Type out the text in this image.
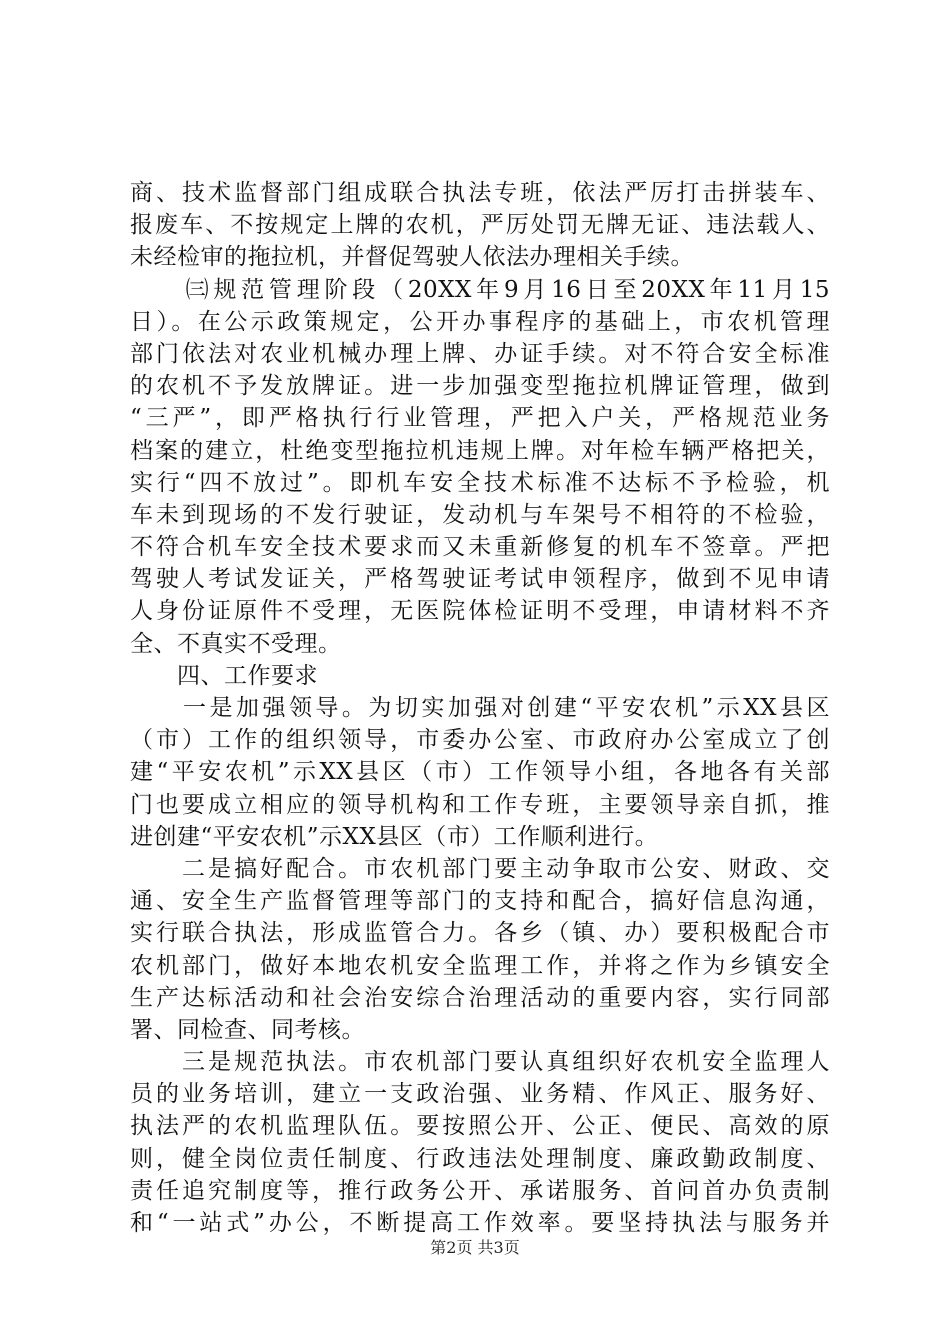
商、技术监督部门组成联合执法专班，依法严厉打击拼装车、
报废车、不按规定上牌的农机，严厉处罚无牌无证、违法载人、
未经检审的拖拉机，并督促驾驶人依法办理相关手续。
　　㈢规范管理阶段（20XX年9月16日至20XX年11月15
日）。在公示政策规定，公开办事程序的基础上，市农机管理
部门依法对农业机械办理上牌、办证手续。对不符合安全标准
的农机不予发放牌证。进一步加强变型拖拉机牌证管理，做到
“三严”，即严格执行行业管理，严把入户关，严格规范业务
档案的建立，杜绝变型拖拉机违规上牌。对年检车辆严格把关，
实行“四不放过”。即机车安全技术标准不达标不予检验，机
车未到现场的不发行驶证，发动机与车架号不相符的不检验，
不符合机车安全技术要求而又未重新修复的机车不签章。严把
驾驶人考试发证关，严格驾驶证考试申领程序，做到不见申请
人身份证原件不受理，无医院体检证明不受理，申请材料不齐
全、不真实不受理。
　　四、工作要求
　　一是加强领导。为切实加强对创建“平安农机”示XX县区
（市）工作的组织领导，市委办公室、市政府办公室成立了创
建“平安农机”示XX县区（市）工作领导小组，各地各有关部
门也要成立相应的领导机构和工作专班，主要领导亲自抓，推
进创建“平安农机”示XX县区（市）工作顺利进行。
　　二是搞好配合。市农机部门要主动争取市公安、财政、交
通、安全生产监督管理等部门的支持和配合，搞好信息沟通，
实行联合执法，形成监管合力。各乡（镇、办）要积极配合市
农机部门，做好本地农机安全监理工作，并将之作为乡镇安全
生产达标活动和社会治安综合治理活动的重要内容，实行同部
署、同检查、同考核。
　　三是规范执法。市农机部门要认真组织好农机安全监理人
员的业务培训，建立一支政治强、业务精、作风正、服务好、
执法严的农机监理队伍。要按照公开、公正、便民、高效的原
则，健全岗位责任制度、行政违法处理制度、廉政勤政制度、
责任追究制度等，推行政务公开、承诺服务、首问首办负责制
和“一站式”办公，不断提高工作效率。要坚持执法与服务并
第2页 共3页
